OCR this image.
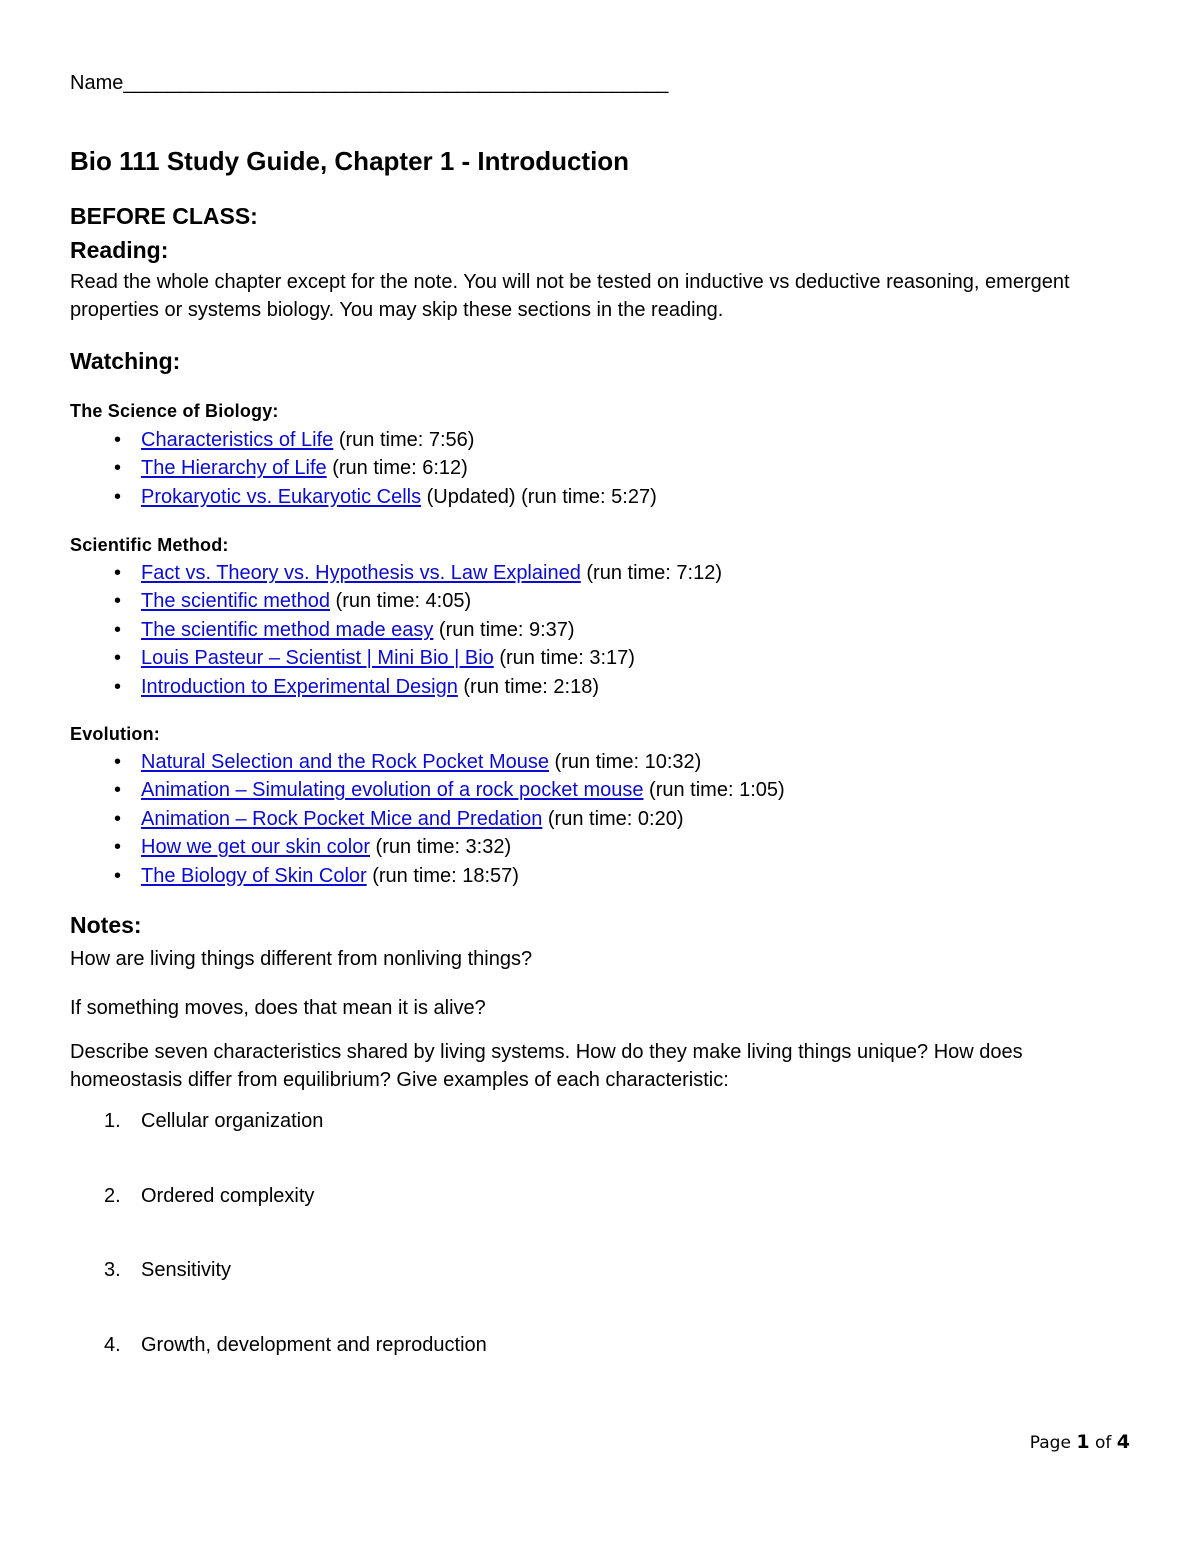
Name_________________________________________________
Bio 111 Study Guide, Chapter 1 - Introduction
BEFORE CLASS:
Reading:
Read the whole chapter except for the note. You will not be tested on inductive vs deductive reasoning, emergent properties or systems biology. You may skip these sections in the reading.
Watching:
The Science of Biology:
• Characteristics of Life (run time: 7:56)
• The Hierarchy of Life (run time: 6:12)
• Prokaryotic vs. Eukaryotic Cells (Updated) (run time: 5:27)
Scientific Method:
• Fact vs. Theory vs. Hypothesis vs. Law Explained (run time: 7:12)
• The scientific method (run time: 4:05)
• The scientific method made easy (run time: 9:37)
• Louis Pasteur – Scientist | Mini Bio | Bio (run time: 3:17)
• Introduction to Experimental Design (run time: 2:18)
Evolution:
• Natural Selection and the Rock Pocket Mouse (run time: 10:32)
• Animation – Simulating evolution of a rock pocket mouse (run time: 1:05)
• Animation – Rock Pocket Mice and Predation (run time: 0:20)
• How we get our skin color (run time: 3:32)
• The Biology of Skin Color (run time: 18:57)
Notes:
How are living things different from nonliving things?
If something moves, does that mean it is alive?
Describe seven characteristics shared by living systems. How do they make living things unique? How does homeostasis differ from equilibrium? Give examples of each characteristic:
1. Cellular organization
2. Ordered complexity
3. Sensitivity
4. Growth, development and reproduction
Page 1 of 4
